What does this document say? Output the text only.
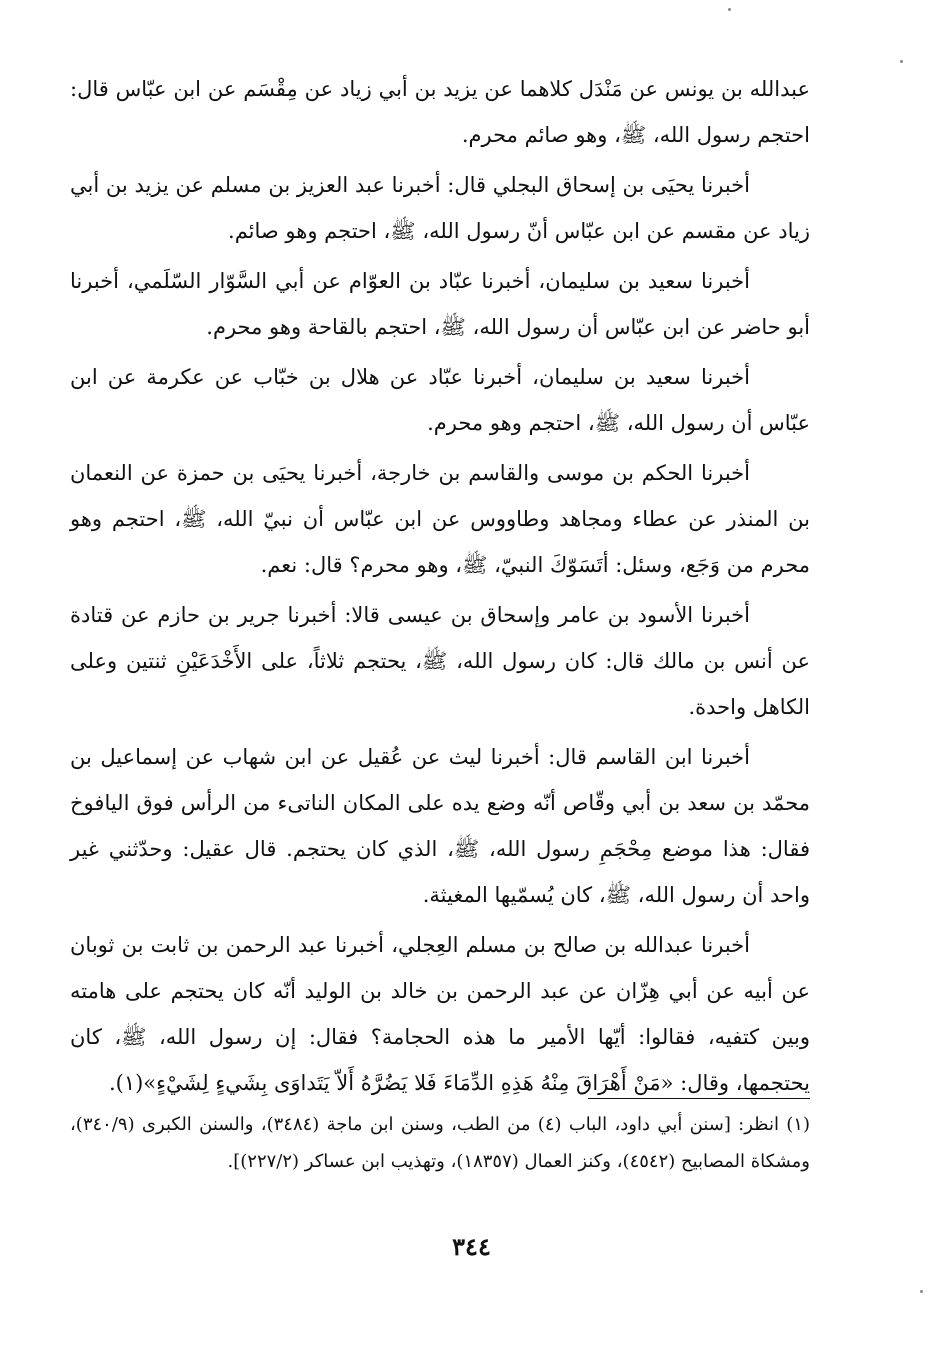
عبدالله بن يونس عن مَنْدَل كلاهما عن يزيد بن أبي زياد عن مِقْسَم عن ابن عبّاس قال: احتجم رسول الله، ﷺ، وهو صائم محرم.

أخبرنا يحيَى بن إسحاق البجلي قال: أخبرنا عبد العزيز بن مسلم عن يزيد بن أبي زياد عن مقسم عن ابن عبّاس أنّ رسول الله، ﷺ، احتجم وهو صائم.

أخبرنا سعيد بن سليمان، أخبرنا عبّاد بن العوّام عن أبي السَّوّار السّلَمي، أخبرنا أبو حاضر عن ابن عبّاس أن رسول الله، ﷺ، احتجم بالقاحة وهو محرم.

أخبرنا سعيد بن سليمان، أخبرنا عبّاد عن هلال بن خبّاب عن عكرمة عن ابن عبّاس أن رسول الله، ﷺ، احتجم وهو محرم.

أخبرنا الحكم بن موسى والقاسم بن خارجة، أخبرنا يحيَى بن حمزة عن النعمان بن المنذر عن عطاء ومجاهد وطاووس عن ابن عبّاس أن نبيّ الله، ﷺ، احتجم وهو محرم من وَجَع، وسئل: أتَسَوّكَ النبيّ، ﷺ، وهو محرم؟ قال: نعم.

أخبرنا الأسود بن عامر وإسحاق بن عيسى قالا: أخبرنا جرير بن حازم عن قتادة عن أنس بن مالك قال: كان رسول الله، ﷺ، يحتجم ثلاثاً، على الأَخْدَعَيْنِ ثنتين وعلى الكاهل واحدة.

أخبرنا ابن القاسم قال: أخبرنا ليث عن عُقيل عن ابن شهاب عن إسماعيل بن محمّد بن سعد بن أبي وقّاص أنّه وضع يده على المكان الناتىء من الرأس فوق اليافوخ فقال: هذا موضع مِحْجَمِ رسول الله، ﷺ، الذي كان يحتجم. قال عقيل: وحدّثني غير واحد أن رسول الله، ﷺ، كان يُسمّيها المغيثة.

أخبرنا عبدالله بن صالح بن مسلم العِجلي، أخبرنا عبد الرحمن بن ثابت بن ثوبان عن أبيه عن أبي هِزّان عن عبد الرحمن بن خالد بن الوليد أنّه كان يحتجم على هامته وبين كتفيه، فقالوا: أيّها الأمير ما هذه الحجامة؟ فقال: إن رسول الله، ﷺ، كان يحتجمها، وقال: «مَنْ أَهْرَاقَ مِنْهُ هَذِهِ الدِّمَاءَ فَلا يَضُرَّهُ أَلاّ يَتَداوَى بِشَيءٍ لِشَيْءٍ»(١).

(١) انظر: [سنن أبي داود، الباب (٤) من الطب، وسنن ابن ماجة (٣٤٨٤)، والسنن الكبرى (٣٤٠/٩)، ومشكاة المصابيح (٤٥٤٢)، وكنز العمال (١٨٣٥٧)، وتهذيب ابن عساكر (٢٢٧/٢)].

٣٤٤
